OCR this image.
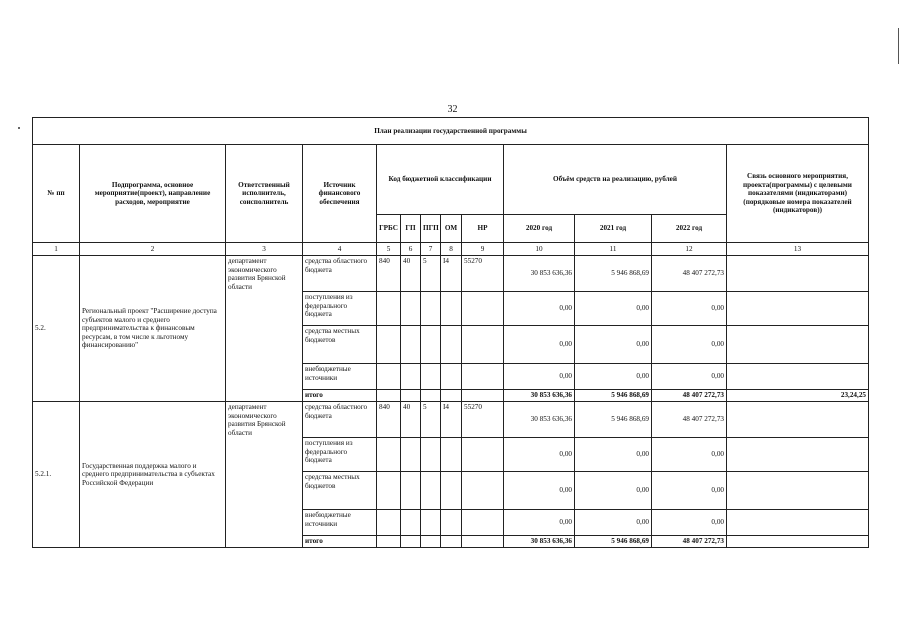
32
План реализации государственной программы												
№ пп	Подпрограмма, основное мероприятие(проект), направление расходов, мероприятие	Ответственный исполнитель, соисполнитель	Источник финансового обеспечения	Код бюджетной классификации					Объём средств на реализацию, рублей			Связь основного мероприятия, проекта(программы) с целевыми показателями (индикаторами) (порядковые номера показателей (индикаторов))
				ГРБС	ГП	ПГП	ОМ	НР	2020 год	2021 год	2022 год	
1	2	3	4	5	6	7	8	9	10	11	12	13
5.2.	Региональный проект "Расширение доступа субъектов малого и среднего предпринимательства к финансовым ресурсам, в том числе к льготному финансированию"	департамент экономического развития Брянской области	средства областного бюджета	840	40	5	I4	55270	30 853 636,36	5 946 868,69	48 407 272,73	
			поступления из федерального бюджета						0,00	0,00	0,00	
			средства местных бюджетов						0,00	0,00	0,00	
			внебюджетные источники						0,00	0,00	0,00	
			итого						30 853 636,36	5 946 868,69	48 407 272,73	23,24,25
5.2.1.	Государственная поддержка малого и среднего предпринимательства в субъектах Российской Федерации	департамент экономического развития Брянской области	средства областного бюджета	840	40	5	I4	55270	30 853 636,36	5 946 868,69	48 407 272,73	
			поступления из федерального бюджета						0,00	0,00	0,00	
			средства местных бюджетов						0,00	0,00	0,00	
			внебюджетные источники						0,00	0,00	0,00	
			итого						30 853 636,36	5 946 868,69	48 407 272,73	
